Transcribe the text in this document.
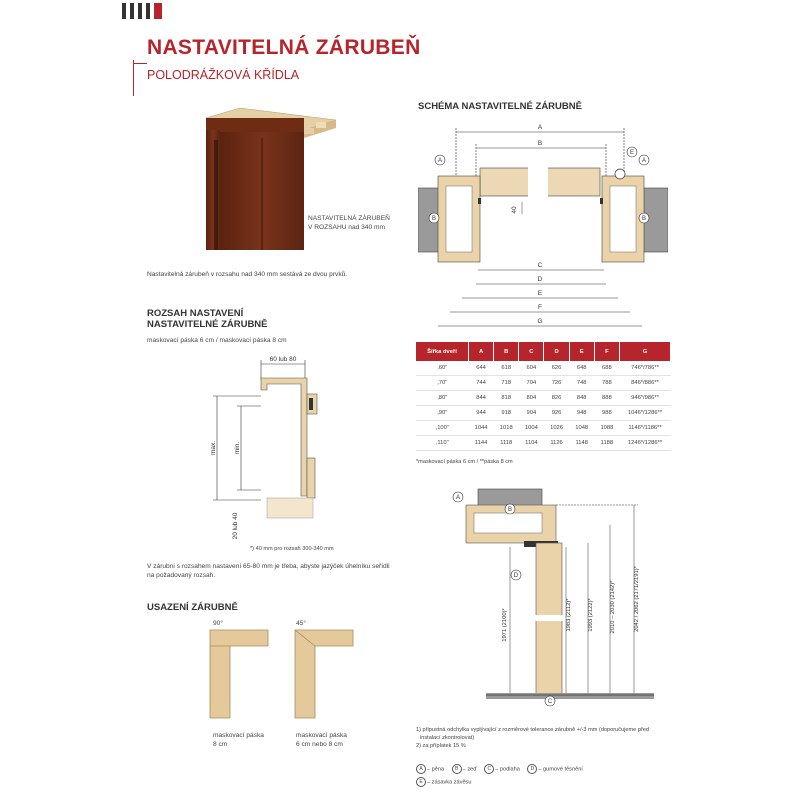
NASTAVITELNÁ ZÁRUBEŇ
POLODRÁŽKOVÁ KŘÍDLA
NASTAVITELNÁ ZÁRUBEŇ
V ROZSAHU nad 340 mm
Nastavitelná zárubeň v rozsahu nad 340 mm sestává ze dvou prvků.
SCHÉMA NASTAVITELNÉ ZÁRUBNĚ
A
B
E
A
B
A
B
C
D
E
F
G
40
Šířka dveří	A	B	C	D	E	F	G
,60"	644	618	604	626	648	688	746*/786**
,70"	744	718	704	726	748	788	846*/886**
,80"	844	818	804	826	848	888	946*/986**
,90"	944	918	904	926	948	988	1046*/1286**
,100"	1044	1018	1004	1026	1048	1088	1146*/1186**
,110"	1144	1118	1104	1126	1148	1188	1246*/1286**
*maskovací páska 6 cm / **páska 8 cm
ROZSAH NASTAVENÍ
NASTAVITELNÉ ZÁRUBNĚ
maskovací páska 6 cm / maskovací páska 8 cm
60 lub 80
max.	min.
20 lub 40
*) 40 mm pro rozsah 300-340 mm
V zárubni s rozsahem nastavení 65-80 mm je třeba, abyste jazýček úhelníku seřídli
na požadovaný rozsah.
USAZENÍ ZÁRUBNĚ
90°
maskovací páska
8 cm
45°
maskovací páska
6 cm nebo 8 cm
A
B
D
C
1971 (2100)*	1983 (2112)*	1993 (2122)*	2010 – 2030 (2142)*	2042 / 2062 (2171/2191)*
1) připustná odchylka vyplývající z rozměrové tolerance zárubně +/-3 mm (doporučujeme před
instalací zkontrolovat)
2) za příplatek 15 %
A – pěna B – zeď C – podlaha D – gumové těsnění
E – zásavka závěsu
